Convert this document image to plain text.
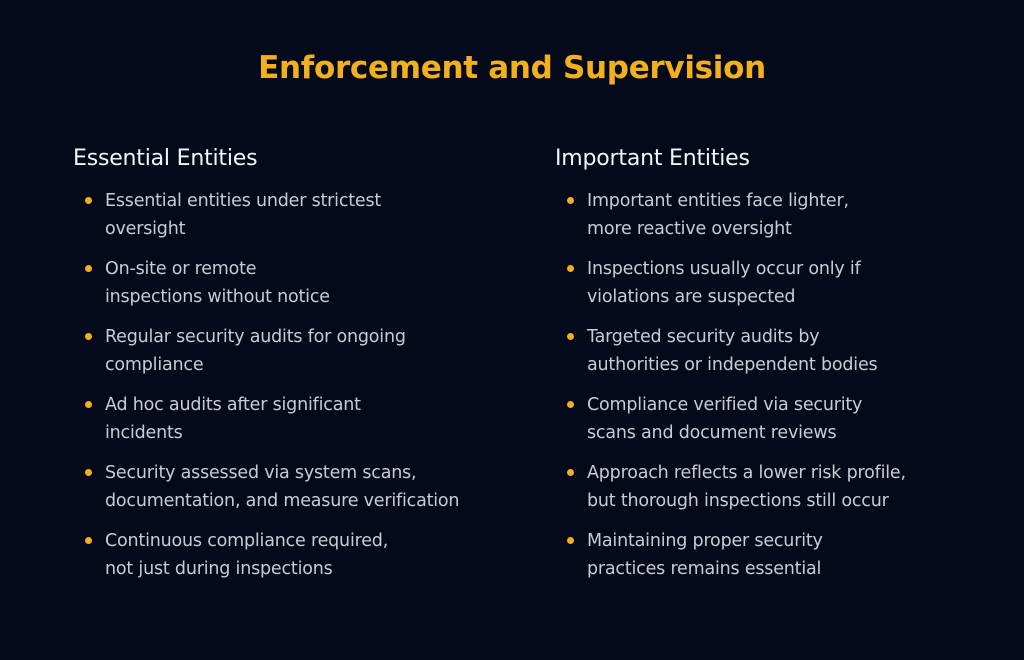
Enforcement and Supervision
Essential Entities
Essential entities under strictest
oversight
On-site or remote
inspections without notice
Regular security audits for ongoing
compliance
Ad hoc audits after significant
incidents
Security assessed via system scans,
documentation, and measure verification
Continuous compliance required,
not just during inspections
Important Entities
Important entities face lighter,
more reactive oversight
Inspections usually occur only if
violations are suspected
Targeted security audits by
authorities or independent bodies
Compliance verified via security
scans and document reviews
Approach reflects a lower risk profile,
but thorough inspections still occur
Maintaining proper security
practices remains essential
